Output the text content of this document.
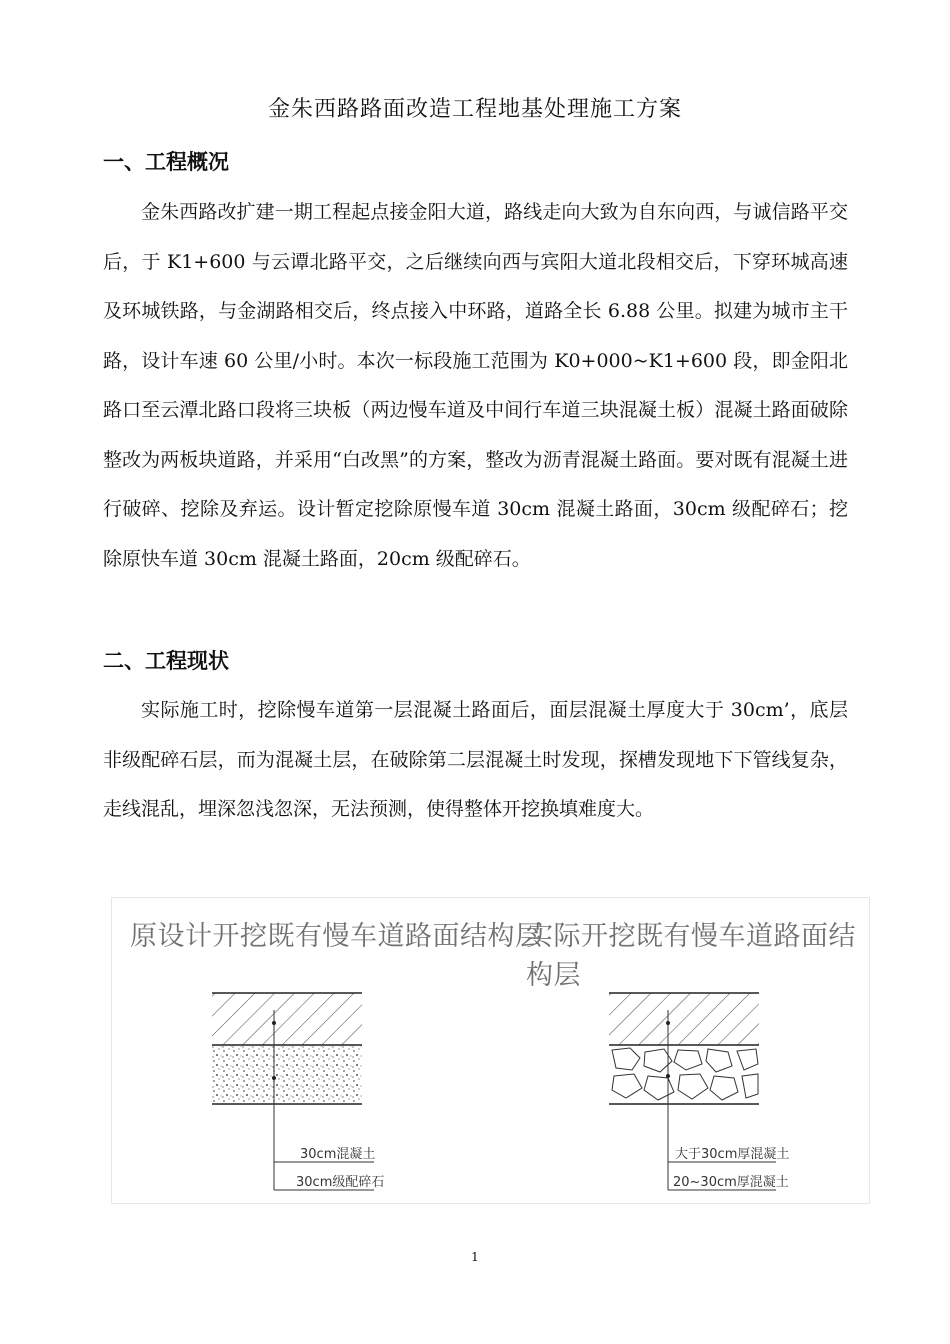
金朱西路路面改造工程地基处理施工方案
一、工程概况

金朱西路改扩建一期工程起点接金阳大道，路线走向大致为自东向西，与诚信路平交后，于 K1+600 与云谭北路平交，之后继续向西与宾阳大道北段相交后，下穿环城高速及环城铁路，与金湖路相交后，终点接入中环路，道路全长 6.88 公里。拟建为城市主干路，设计车速 60 公里/小时。本次一标段施工范围为 K0+000~K1+600 段，即金阳北路口至云潭北路口段将三块板（两边慢车道及中间行车道三块混凝土板）混凝土路面破除整改为两板块道路，并采用“白改黑”的方案，整改为沥青混凝土路面。要对既有混凝土进行破碎、挖除及弃运。设计暂定挖除原慢车道 30cm 混凝土路面，30cm 级配碎石；挖除原快车道 30cm 混凝土路面，20cm 级配碎石。

二、工程现状

实际施工时，挖除慢车道第一层混凝土路面后，面层混凝土厚度大于 30cm’，底层非级配碎石层，而为混凝土层，在破除第二层混凝土时发现，探槽发现地下下管线复杂，走线混乱，埋深忽浅忽深，无法预测，使得整体开挖换填难度大。

原设计开挖既有慢车道路面结构层
实际开挖既有慢车道路面结构层
30cm混凝土
30cm级配碎石
大于30cm厚混凝土
20~30cm厚混凝土
1
